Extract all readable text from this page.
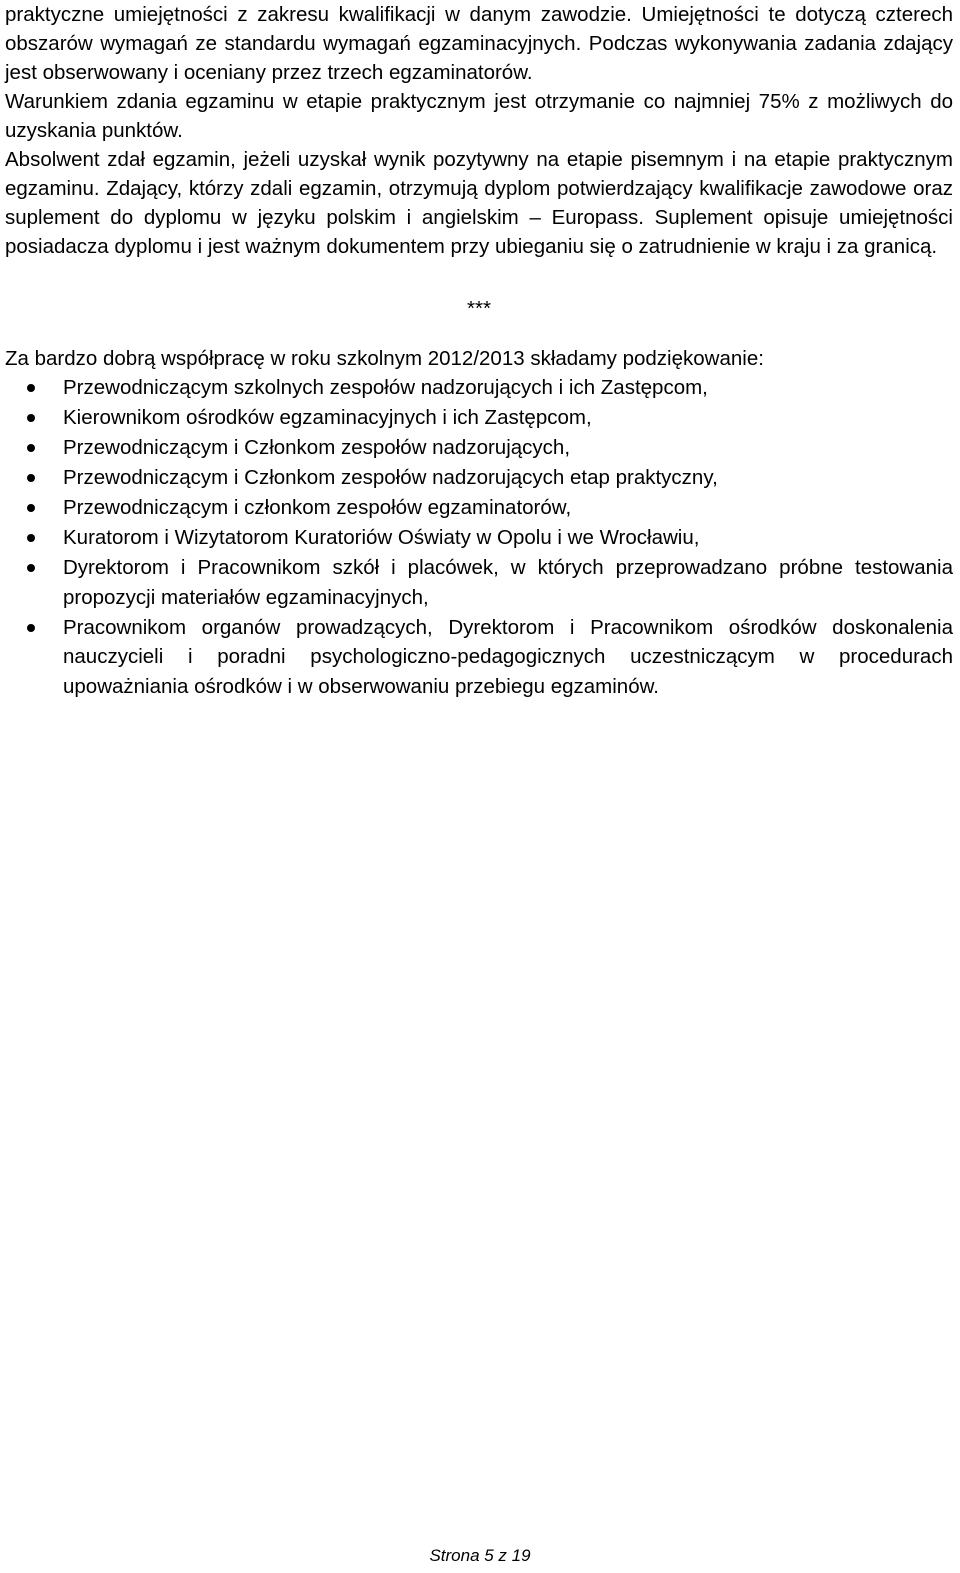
praktyczne umiejętności z zakresu kwalifikacji w danym zawodzie. Umiejętności te dotyczą czterech obszarów wymagań ze standardu wymagań egzaminacyjnych. Podczas wykonywania zadania zdający jest obserwowany i oceniany przez trzech egzaminatorów.

Warunkiem zdania egzaminu w etapie praktycznym jest otrzymanie co najmniej 75% z możliwych do uzyskania punktów.

Absolwent zdał egzamin, jeżeli uzyskał wynik pozytywny na etapie pisemnym i na etapie praktycznym egzaminu. Zdający, którzy zdali egzamin, otrzymują dyplom potwierdzający kwalifikacje zawodowe oraz suplement do dyplomu w języku polskim i angielskim – Europass. Suplement opisuje umiejętności posiadacza dyplomu i jest ważnym dokumentem przy ubieganiu się o zatrudnienie w kraju i za granicą.

***
Za bardzo dobrą współpracę w roku szkolnym 2012/2013 składamy podziękowanie:
Przewodniczącym szkolnych zespołów nadzorujących i ich Zastępcom,
Kierownikom ośrodków egzaminacyjnych i ich Zastępcom,
Przewodniczącym i Członkom zespołów nadzorujących,
Przewodniczącym i Członkom zespołów nadzorujących etap praktyczny,
Przewodniczącym i członkom zespołów egzaminatorów,
Kuratorom i Wizytatorom Kuratoriów Oświaty w Opolu i we Wrocławiu,
Dyrektorom i Pracownikom szkół i placówek, w których przeprowadzano próbne testowania propozycji materiałów egzaminacyjnych,
Pracownikom organów prowadzących, Dyrektorom i Pracownikom ośrodków doskonalenia nauczycieli i poradni psychologiczno-pedagogicznych uczestniczącym w procedurach upoważniania ośrodków i w obserwowaniu przebiegu egzaminów.
Strona 5 z 19
